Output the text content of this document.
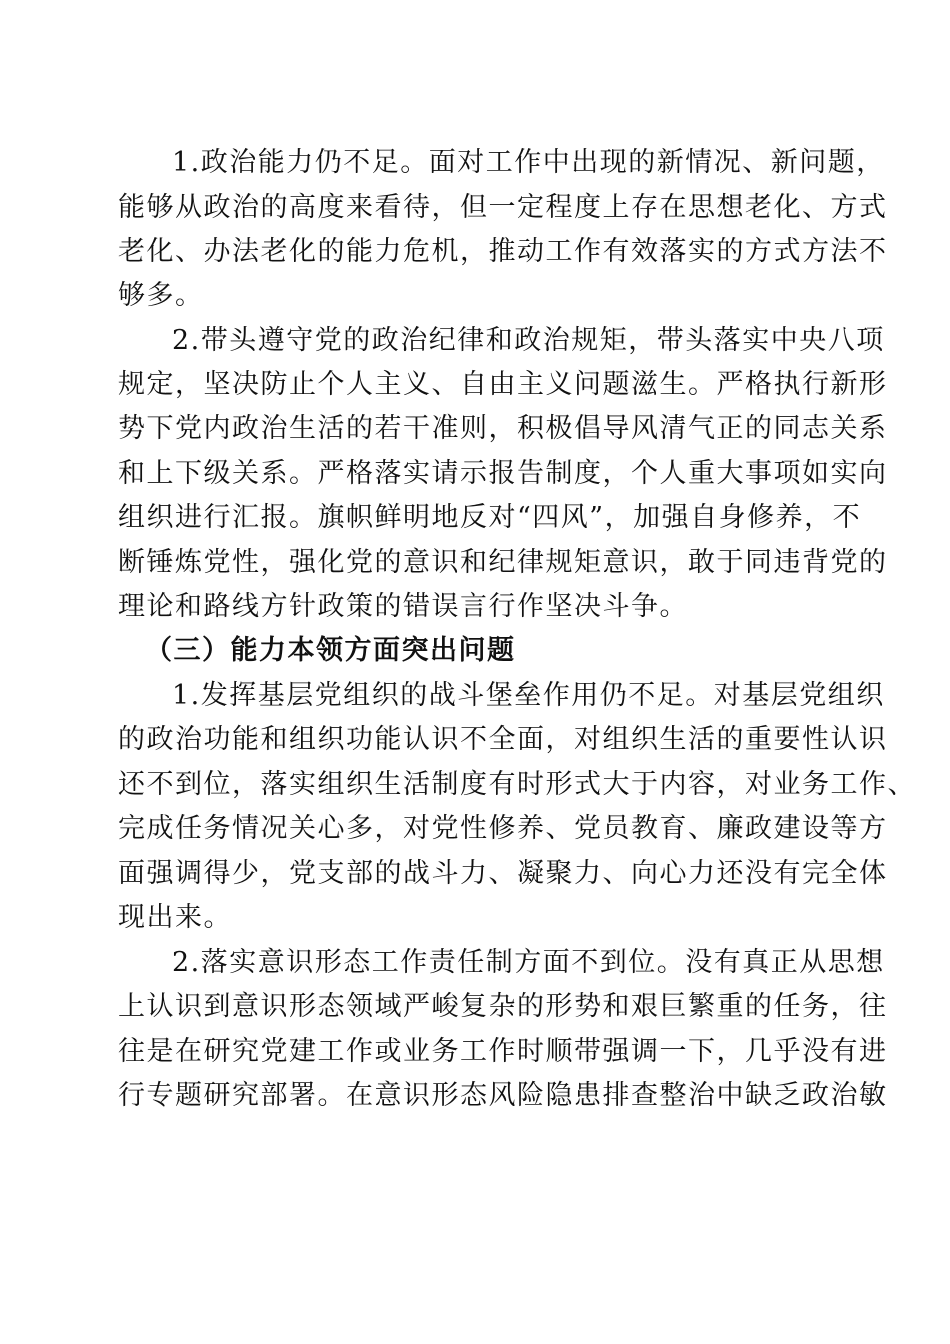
1.政治能力仍不足。面对工作中出现的新情况、新问题，

能够从政治的高度来看待，但一定程度上存在思想老化、方式

老化、办法老化的能力危机，推动工作有效落实的方式方法不

够多。

2.带头遵守党的政治纪律和政治规矩，带头落实中央八项

规定，坚决防止个人主义、自由主义问题滋生。严格执行新形

势下党内政治生活的若干准则，积极倡导风清气正的同志关系

和上下级关系。严格落实请示报告制度，个人重大事项如实向

组织进行汇报。旗帜鲜明地反对“四风”，加强自身修养，不

断锤炼党性，强化党的意识和纪律规矩意识，敢于同违背党的

理论和路线方针政策的错误言行作坚决斗争。

（三）能力本领方面突出问题

1.发挥基层党组织的战斗堡垒作用仍不足。对基层党组织

的政治功能和组织功能认识不全面，对组织生活的重要性认识

还不到位，落实组织生活制度有时形式大于内容，对业务工作、

完成任务情况关心多，对党性修养、党员教育、廉政建设等方

面强调得少，党支部的战斗力、凝聚力、向心力还没有完全体

现出来。

2.落实意识形态工作责任制方面不到位。没有真正从思想

上认识到意识形态领域严峻复杂的形势和艰巨繁重的任务，往

往是在研究党建工作或业务工作时顺带强调一下，几乎没有进

行专题研究部署。在意识形态风险隐患排查整治中缺乏政治敏
